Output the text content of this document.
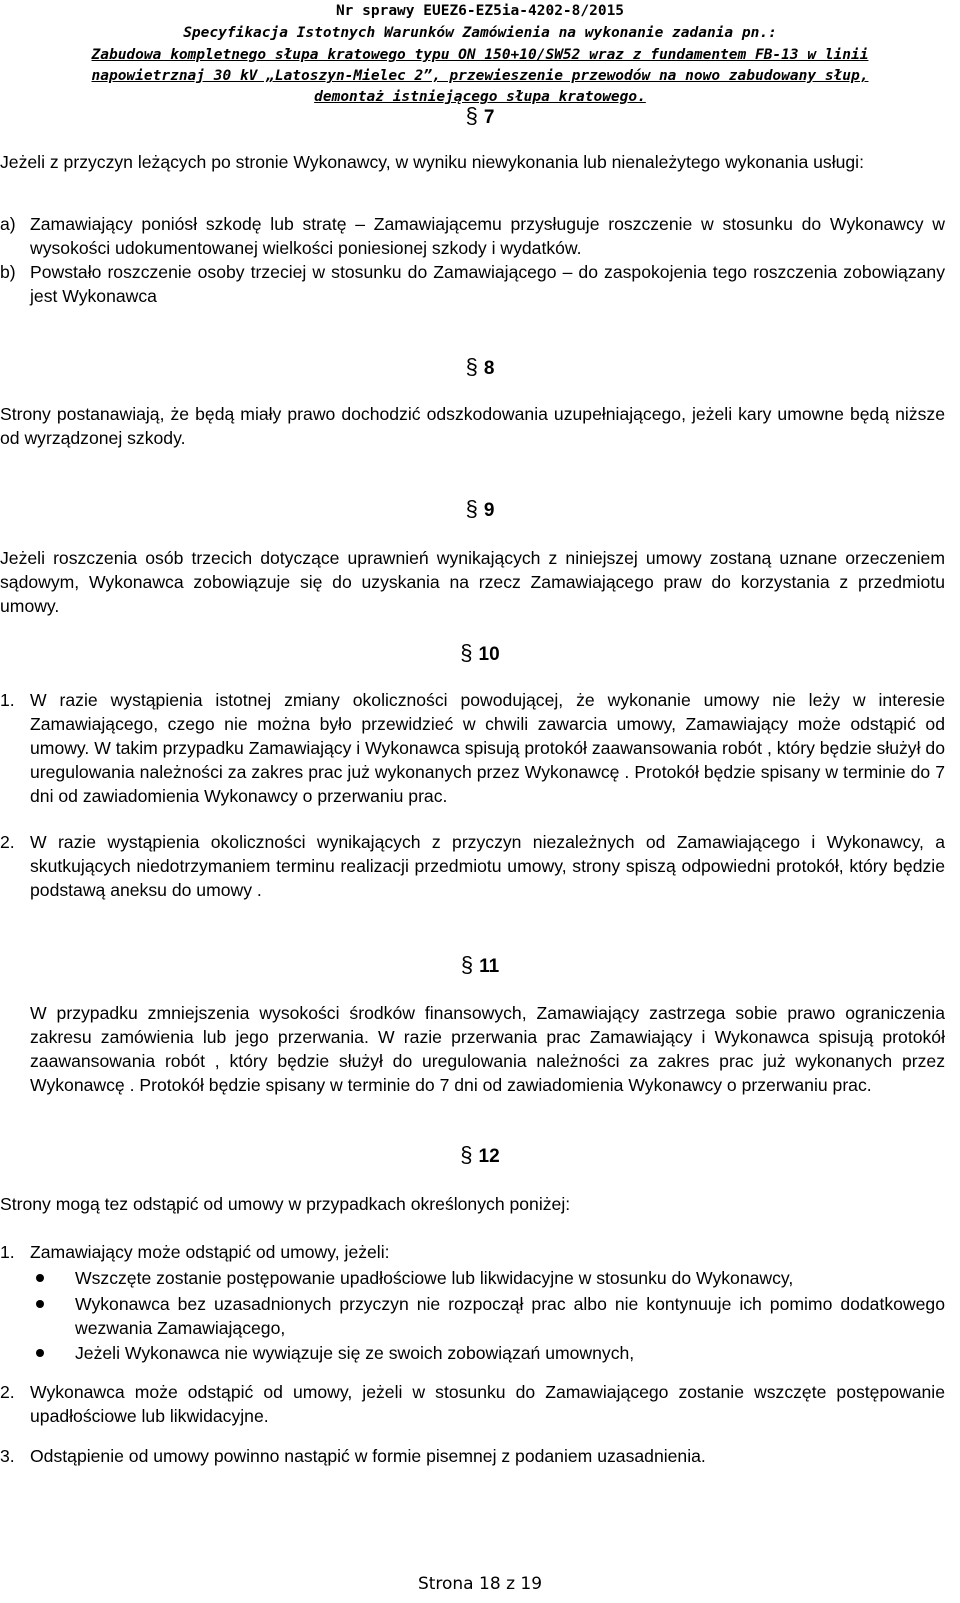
Nr sprawy EUEZ6-EZ5ia-4202-8/2015
Specyfikacja Istotnych Warunków Zamówienia na wykonanie zadania pn.:
Zabudowa kompletnego słupa kratowego typu ON 150+10/SW52 wraz z fundamentem FB-13 w linii
napowietrznaj 30 kV „Latoszyn-Mielec 2”, przewieszenie przewodów na nowo zabudowany słup,
demontaż istniejącego słupa kratowego.
§ 7
Jeżeli z przyczyn leżących po stronie Wykonawcy, w wyniku niewykonania lub nienależytego wykonania usługi:
a) Zamawiający poniósł szkodę lub stratę – Zamawiającemu przysługuje roszczenie w stosunku do Wykonawcy w wysokości udokumentowanej wielkości poniesionej szkody i wydatków.
b) Powstało roszczenie osoby trzeciej w stosunku do Zamawiającego – do zaspokojenia tego roszczenia zobowiązany jest Wykonawca
§ 8
Strony postanawiają, że będą miały prawo dochodzić odszkodowania uzupełniającego, jeżeli kary umowne będą niższe od wyrządzonej szkody.
§ 9
Jeżeli roszczenia osób trzecich dotyczące uprawnień wynikających z niniejszej umowy zostaną uznane orzeczeniem sądowym, Wykonawca zobowiązuje się do uzyskania na rzecz Zamawiającego praw do korzystania z przedmiotu umowy.
§ 10
1. W razie wystąpienia istotnej zmiany okoliczności powodującej, że wykonanie umowy nie leży w interesie Zamawiającego, czego nie można było przewidzieć w chwili zawarcia umowy, Zamawiający może odstąpić od umowy. W takim przypadku Zamawiający i Wykonawca spisują protokół zaawansowania robót , który będzie służył do uregulowania należności za zakres prac już wykonanych przez Wykonawcę . Protokół będzie spisany w terminie do 7 dni od zawiadomienia Wykonawcy o przerwaniu prac.
2. W razie wystąpienia okoliczności wynikających z przyczyn niezależnych od Zamawiającego i Wykonawcy, a skutkujących niedotrzymaniem terminu realizacji przedmiotu umowy, strony spiszą odpowiedni protokół, który będzie podstawą aneksu do umowy .
§ 11
W przypadku zmniejszenia wysokości środków finansowych, Zamawiający zastrzega sobie prawo ograniczenia zakresu zamówienia lub jego przerwania. W razie przerwania prac Zamawiający i Wykonawca spisują protokół zaawansowania robót , który będzie służył do uregulowania należności za zakres prac już wykonanych przez Wykonawcę . Protokół będzie spisany w terminie do 7 dni od zawiadomienia Wykonawcy o przerwaniu prac.
§ 12
Strony mogą tez odstąpić od umowy w przypadkach określonych poniżej:
1. Zamawiający może odstąpić od umowy, jeżeli:
Wszczęte zostanie postępowanie upadłościowe lub likwidacyjne w stosunku do Wykonawcy,
Wykonawca bez uzasadnionych przyczyn nie rozpoczął prac albo nie kontynuuje ich pomimo dodatkowego wezwania Zamawiającego,
Jeżeli Wykonawca nie wywiązuje się ze swoich zobowiązań umownych,
2. Wykonawca może odstąpić od umowy, jeżeli w stosunku do Zamawiającego zostanie wszczęte postępowanie upadłościowe lub likwidacyjne.
3. Odstąpienie od umowy powinno nastąpić w formie pisemnej z podaniem uzasadnienia.
Strona 18 z 19
